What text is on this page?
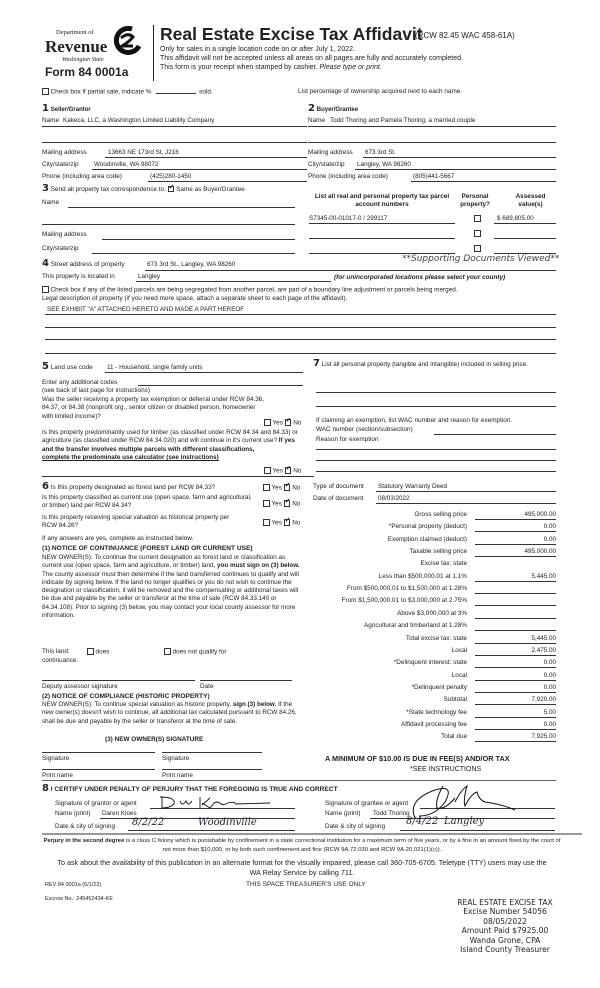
Department of
Revenue
Washington State
Form 84 0001a
Real Estate Excise Tax Affidavit
(RCW 82.45 WAC 458-61A)
Only for sales in a single location code on or after July 1, 2022.
This affidavit will not be accepted unless all areas on all pages are fully and accurately completed.
This form is your receipt when stamped by cashier. Please type or print.
Check box if partial sale, indicate %	sold.	List percentage of ownership acquired next to each name.
1 Seller/Grantor
Name Kakeca, LLC, a Washington Limited Liability Company
Mailing address	13663 NE 173rd St, J216
City/state/zip Woodinville, WA 98072
Phone (including area code)	(425)280-1450
2 Buyer/Grantee
Name Todd Thoring and Pamela Thoring, a married couple
Mailing address 673 3rd St.
City/state/zip Langley, WA 98260
Phone (including area code)	(805)441-5667
3 Send all property tax correspondence to: ✓ Same as Buyer/Grantee
Name
Mailing address
City/state/zip
List all real and personal property tax parcel account numbers
Personal property?
Assessed value(s)
S7345-00-01017-0 / 299117	$ 689,805.00
4 Street address of property	673 3rd St., Langley, WA 98260
**Supporting Documents Viewed**
This property is located in	Langley	(for unincorporated locations please select your county)
Check box if any of the listed parcels are being segregated from another parcel, are part of a boundary line adjustment or parcels being merged.
Legal description of property (if you need more space, attach a separate sheet to each page of the affidavit).
SEE EXHIBIT "A" ATTACHED HERETO AND MADE A PART HEREOF
5 Land use code 11 - Household, single family units
Enter any additional codes
(see back of last page for instructions)
Was the seller receiving a property tax exemption or deferral under RCW 84.36, 84.37, or 84.38 (nonprofit org., senior citizen or disabled person, homeowner with limited income)?
Yes ✓ No
Is this property predominantly used for timber (as classified under RCW 84.34 and 84.33) or agriculture (as classified under RCW 84.34.020) and will continue in it's current use? If yes and the transfer involves multiple parcels with different classifications,
complete the predominate use calculator (see instructions)
Yes ✓ No
7 List all personal property (tangible and intangible) included in selling price.
If claiming an exemption, list WAC number and reason for exemption.
WAC number (section/subsection)
Reason for exemption
6 Is this property designated as forest land per RCW 84.33?
Is this property classified as current use (open space, farm and agricultural, or timber) land per RCW 84.34?
Is this property receiving special valuation as historical property per RCW 84.26?
Yes ✓ No
Yes ✓ No
Yes ✓ No
If any answers are yes, complete as instructed below.
(1) NOTICE OF CONTINUANCE (FOREST LAND OR CURRENT USE)
NEW OWNER(S): To continue the current designation as forest land or classification as current use (open space, farm and agriculture, or timber) land, you must sign on (3) below. The county assessor must then determine if the land transferred continues to qualify and will indicate by signing below. If the land no longer qualifies or you do not wish to continue the designation or classification, it will be removed and the compensating or additional taxes will be due and payable by the seller or transferor at the time of sale (RCW 84.33.140 or 84.34.108). Prior to signing (3) below, you may contact your local county assessor for more information.
This land:	does	does not qualify for
continuance.
Deputy assessor signature	Date
(2) NOTICE OF COMPLIANCE (HISTORIC PROPERTY)
NEW OWNER(S): To continue special valuation as historic property, sign (3) below. If the new owner(s) doesn't wish to continue, all additional tax calculated pursuant to RCW 84.26, shall be due and payable by the seller or transferor at the time of sale.
(3) NEW OWNER(S) SIGNATURE
Signature	Signature
Print name	Print name
Type of document Statutory Warranty Deed
Date of document 08/03/2022
Gross selling price	495,000.00
*Personal property (deduct)	0.00
Exemption claimed (deduct)	0.00
Taxable selling price	495,000.00
Excise tax: state
Less than $500,000.01 at 1.1%	5,445.00
From $500,000.01 to $1,500,000 at 1.28%
From $1,500,000.01 to $3,000,000 at 2.75%
Above $3,000,000 at 3%
Agricultural and timberland at 1.28%
Total excise tax: state	5,445.00
Local	2,475.00
*Delinquent interest: state	0.00
Local	0.00
*Delinquent penalty	0.00
Subtotal	7,920.00
*State technology fee	5.00
Affidavit processing fee	0.00
Total due	7,925.00
A MINIMUM OF $10.00 IS DUE IN FEE(S) AND/OR TAX
*SEE INSTRUCTIONS
8 I CERTIFY UNDER PENALTY OF PERJURY THAT THE FOREGOING IS TRUE AND CORRECT
Signature of grantor or agent
Name (print) Daren Kloes
Date & city of signing 8/2/22	Woodinville
Signature of grantee or agent
Name (print) Todd Thoring
Date & city of signing 8/4/22 Langley
Perjury in the second degree is a class C felony which is punishable by confinement in a state correctional institution for a maximum term of five years, or by a fine in an amount fixed by the court of not more than $10,000, or by both such confinement and fine (RCW 9A.72.030 and RCW 9A.20.021(1)(c)).
To ask about the availability of this publication in an alternate format for the visually impaired, please call 360-705-6705. Teletype (TTY) users may use the WA Relay Service by calling 711.
REV 84 0001a (6/1/22)	THIS SPACE TREASURER'S USE ONLY
Escrow No.: 245452434-KE	REAL ESTATE EXCISE TAX
Excise Number 54056
08/05/2022
Amount Paid $7925.00
Wanda Grone, CPA
Island County Treasurer
